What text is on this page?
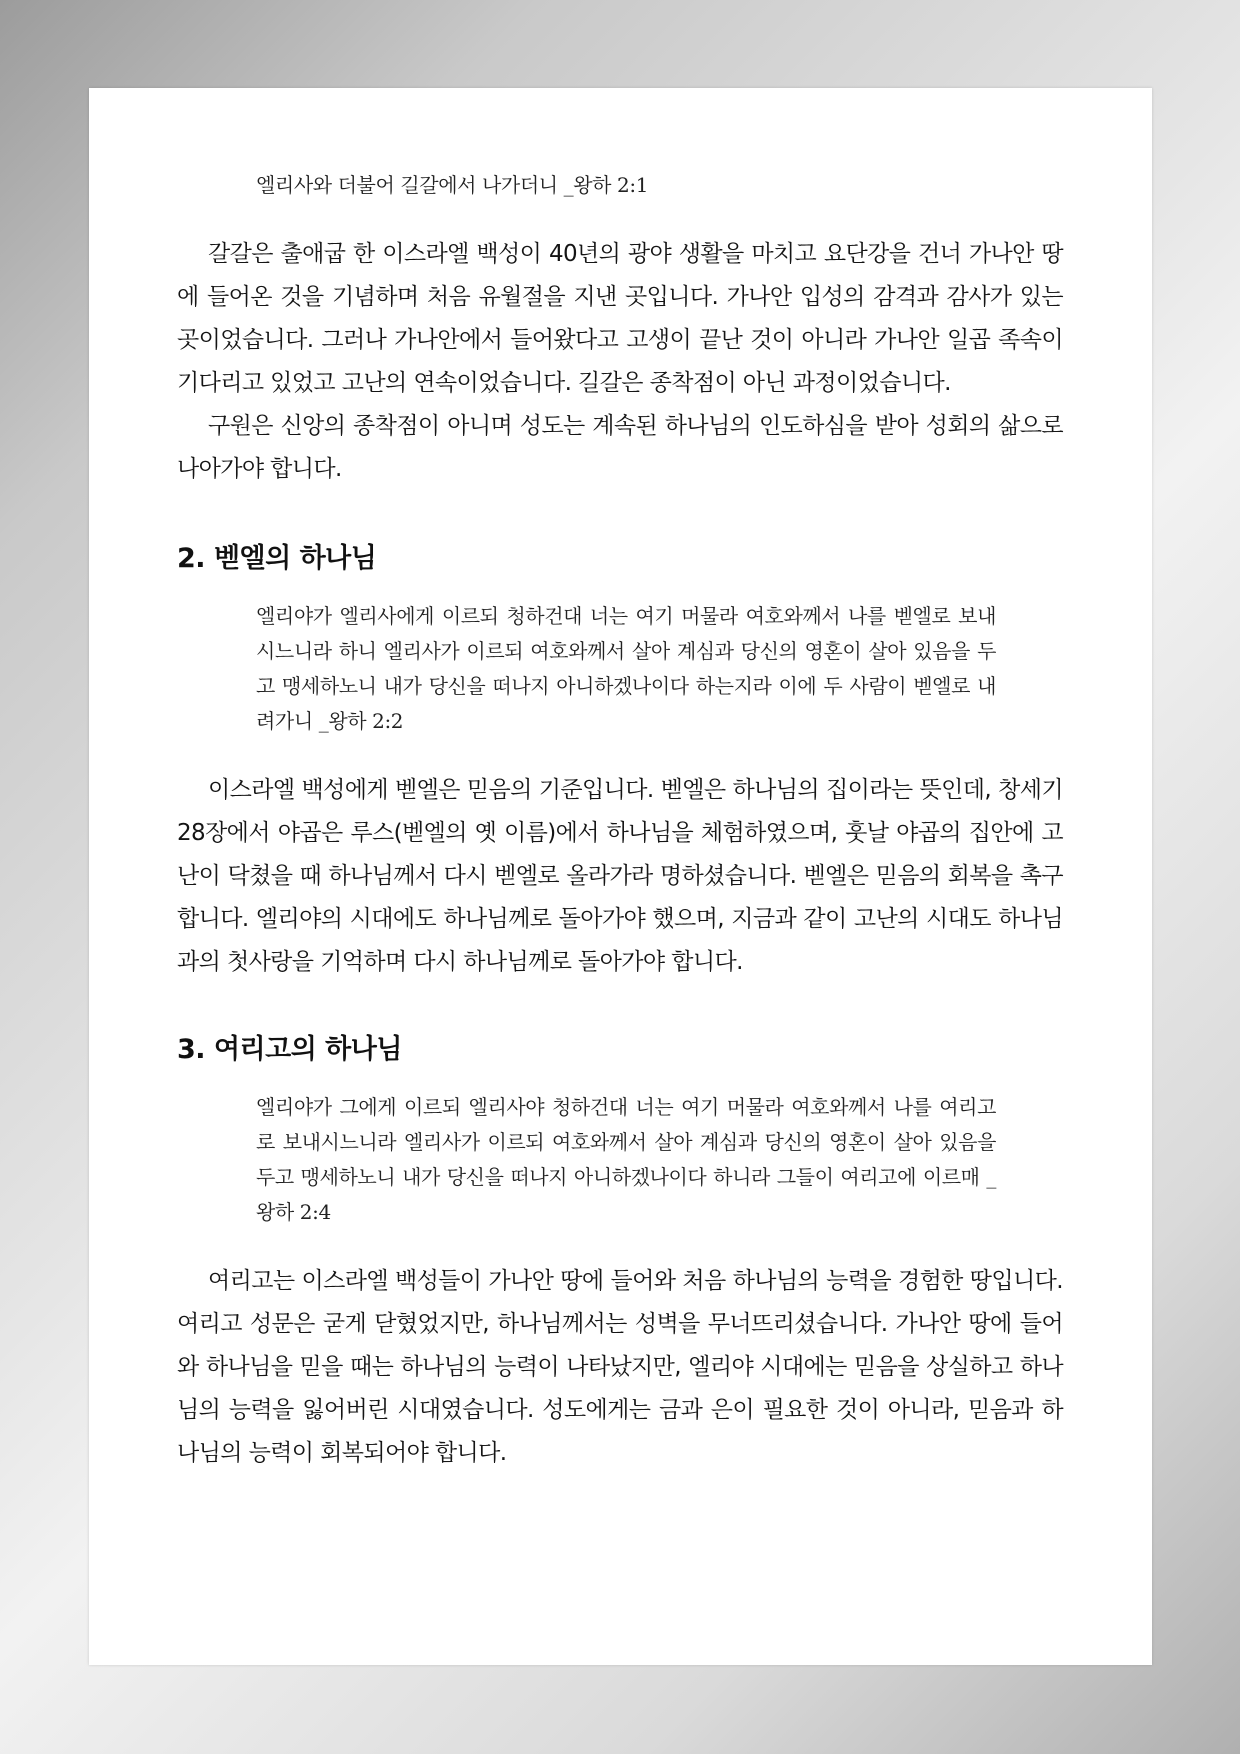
엘리사와 더불어 길갈에서 나가더니 _왕하 2:1

갈갈은 출애굽 한 이스라엘 백성이 40년의 광야 생활을 마치고 요단강을 건너 가나안 땅에 들어온 것을 기념하며 처음 유월절을 지낸 곳입니다. 가나안 입성의 감격과 감사가 있는 곳이었습니다. 그러나 가나안에서 들어왔다고 고생이 끝난 것이 아니라 가나안 일곱 족속이 기다리고 있었고 고난의 연속이었습니다. 길갈은 종착점이 아닌 과정이었습니다.

구원은 신앙의 종착점이 아니며 성도는 계속된 하나님의 인도하심을 받아 성회의 삶으로 나아가야 합니다.

2. 벧엘의 하나님

엘리야가 엘리사에게 이르되 청하건대 너는 여기 머물라 여호와께서 나를 벧엘로 보내시느니라 하니 엘리사가 이르되 여호와께서 살아 계심과 당신의 영혼이 살아 있음을 두고 맹세하노니 내가 당신을 떠나지 아니하겠나이다 하는지라 이에 두 사람이 벧엘로 내려가니 _왕하 2:2

이스라엘 백성에게 벧엘은 믿음의 기준입니다. 벧엘은 하나님의 집이라는 뜻인데, 창세기 28장에서 야곱은 루스(벧엘의 옛 이름)에서 하나님을 체험하였으며, 훗날 야곱의 집안에 고난이 닥쳤을 때 하나님께서 다시 벧엘로 올라가라 명하셨습니다. 벧엘은 믿음의 회복을 촉구합니다. 엘리야의 시대에도 하나님께로 돌아가야 했으며, 지금과 같이 고난의 시대도 하나님과의 첫사랑을 기억하며 다시 하나님께로 돌아가야 합니다.

3. 여리고의 하나님

엘리야가 그에게 이르되 엘리사야 청하건대 너는 여기 머물라 여호와께서 나를 여리고로 보내시느니라 엘리사가 이르되 여호와께서 살아 계심과 당신의 영혼이 살아 있음을 두고 맹세하노니 내가 당신을 떠나지 아니하겠나이다 하니라 그들이 여리고에 이르매 _왕하 2:4

여리고는 이스라엘 백성들이 가나안 땅에 들어와 처음 하나님의 능력을 경험한 땅입니다. 여리고 성문은 굳게 닫혔었지만, 하나님께서는 성벽을 무너뜨리셨습니다. 가나안 땅에 들어와 하나님을 믿을 때는 하나님의 능력이 나타났지만, 엘리야 시대에는 믿음을 상실하고 하나님의 능력을 잃어버린 시대였습니다. 성도에게는 금과 은이 필요한 것이 아니라, 믿음과 하나님의 능력이 회복되어야 합니다.
